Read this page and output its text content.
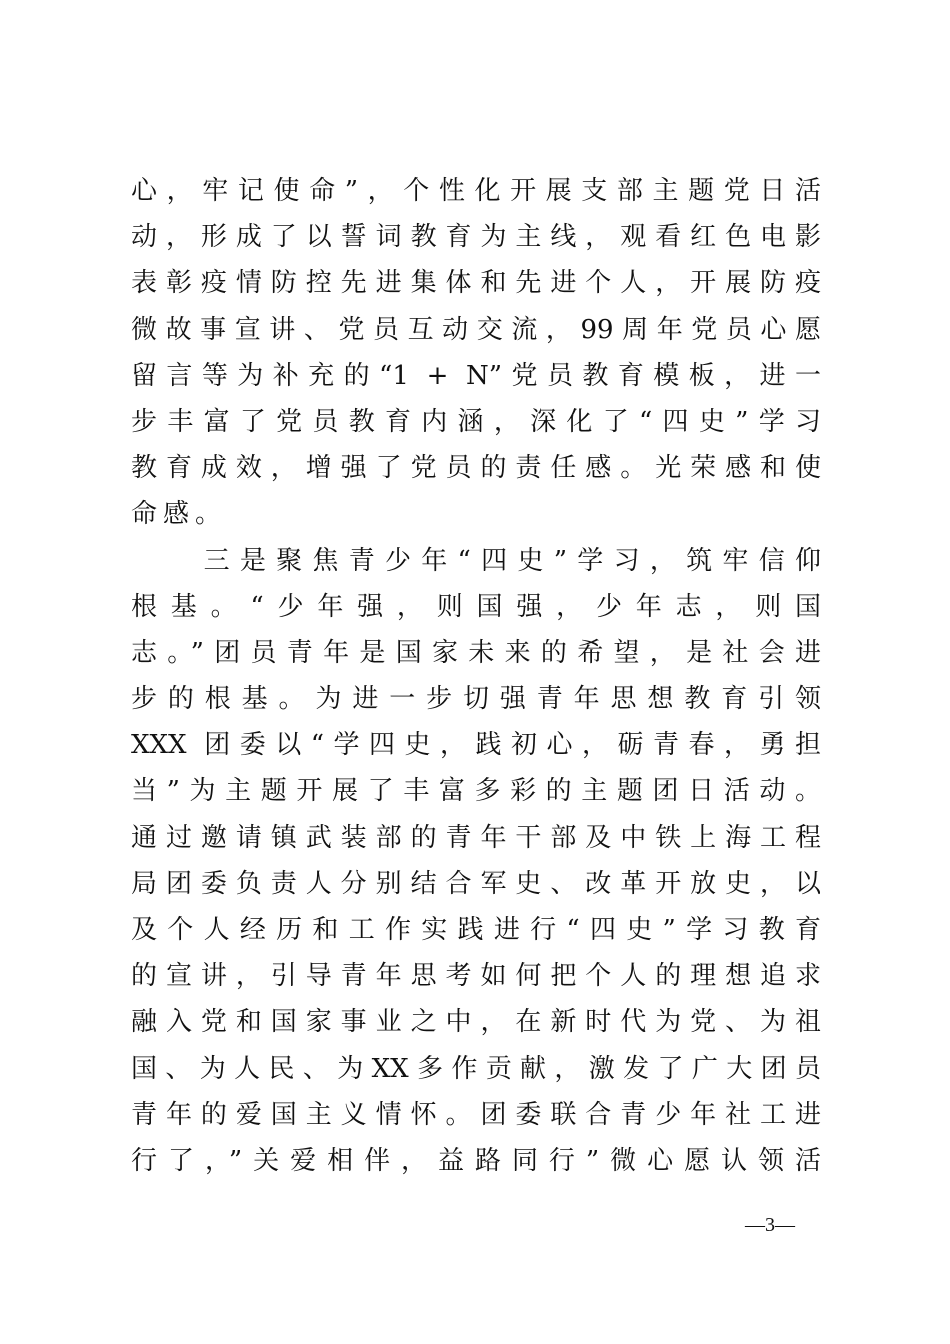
心，牢记使命”，个性化开展支部主题党日活
动，形成了以誓词教育为主线，观看红色电影
表彰疫情防控先进集体和先进个人，开展防疫
微故事宣讲、党员互动交流，99周年党员心愿
留言等为补充的“1 + N”党员教育模板，进一
步丰富了党员教育内涵，深化了“四史”学习
教育成效，增强了党员的责任感。光荣感和使
命感。
　　三是聚焦青少年“四史”学习，筑牢信仰
根基。“少年强，则国强，少年志，则国
志。”团员青年是国家未来的希望，是社会进
步的根基。为进一步切强青年思想教育引领
XXX 团委以“学四史，践初心，砺青春，勇担
当”为主题开展了丰富多彩的主题团日活动。
通过邀请镇武装部的青年干部及中铁上海工程
局团委负责人分别结合军史、改革开放史，以
及个人经历和工作实践进行“四史”学习教育
的宣讲，引导青年思考如何把个人的理想追求
融入党和国家事业之中，在新时代为党、为祖
国、为人民、为XX多作贡献，激发了广大团员
青年的爱国主义情怀。团委联合青少年社工进
行了，”关爱相伴，益路同行”微心愿认领活
—3—
